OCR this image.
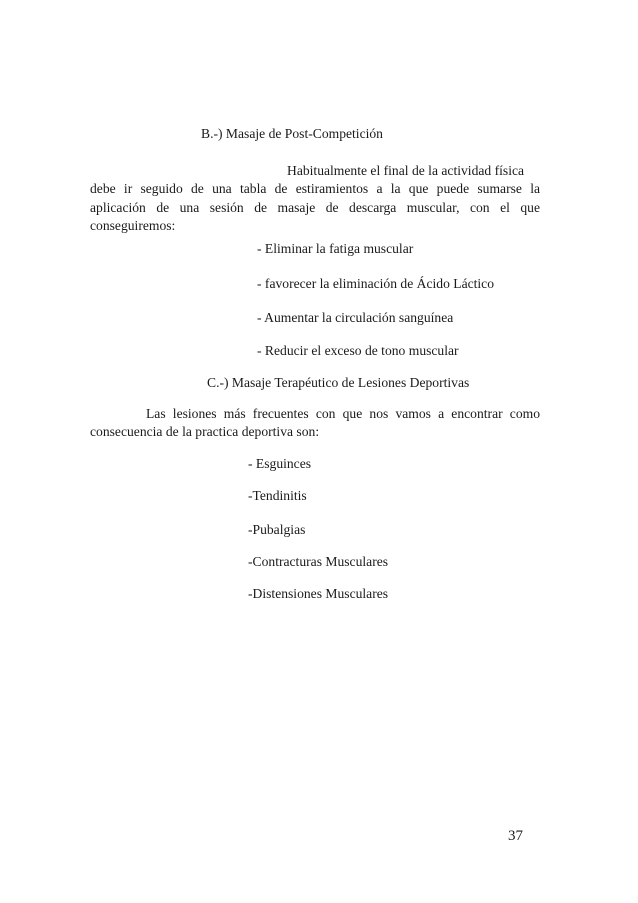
B.-) Masaje de Post-Competición

Habitualmente el final de la actividad física

debe ir seguido de una tabla de estiramientos a la que puede sumarse la

aplicación de una sesión de masaje de descarga muscular, con el que

conseguiremos:

- Eliminar la fatiga muscular

- favorecer la eliminación de Ácido Láctico

- Aumentar la circulación sanguínea

- Reducir el exceso de tono muscular

C.-) Masaje Terapéutico de Lesiones Deportivas

Las lesiones más frecuentes con que nos vamos a encontrar como

consecuencia de la practica deportiva son:

- Esguinces

-Tendinitis

-Pubalgias

-Contracturas Musculares

-Distensiones Musculares

37
